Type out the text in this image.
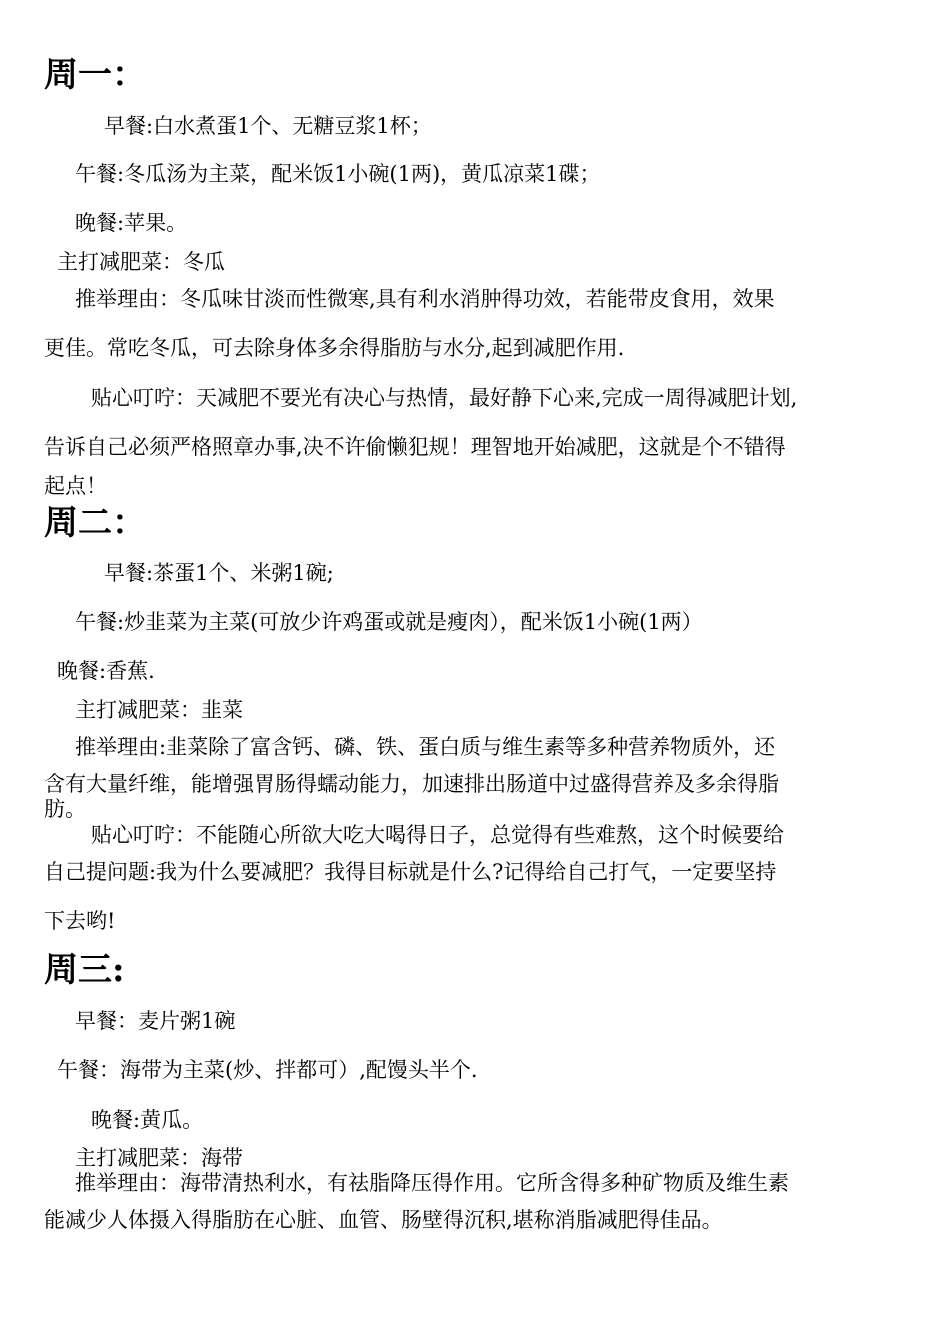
周一：
早餐:白水煮蛋1个、无糖豆浆1杯；
午餐:冬瓜汤为主菜，配米饭1小碗(1两)，黄瓜凉菜1碟；
晚餐:苹果。
主打减肥菜：冬瓜
推举理由：冬瓜味甘淡而性微寒,具有利水消肿得功效，若能带皮食用，效果
更佳。常吃冬瓜，可去除身体多余得脂肪与水分,起到减肥作用.
贴心叮咛：天减肥不要光有决心与热情，最好静下心来,完成一周得减肥计划,
告诉自己必须严格照章办事,决不许偷懒犯规！理智地开始减肥，这就是个不错得
起点！
周二：
早餐:茶蛋1个、米粥1碗;
午餐:炒韭菜为主菜(可放少许鸡蛋或就是瘦肉），配米饭1小碗(1两）
晚餐:香蕉.
主打减肥菜：韭菜
推举理由:韭菜除了富含钙、磷、铁、蛋白质与维生素等多种营养物质外，还
含有大量纤维，能增强胃肠得蠕动能力，加速排出肠道中过盛得营养及多余得脂
肪。
贴心叮咛：不能随心所欲大吃大喝得日子，总觉得有些难熬，这个时候要给
自己提问题:我为什么要减肥？我得目标就是什么?记得给自己打气，一定要坚持
下去哟!
周三:
早餐：麦片粥1碗
午餐：海带为主菜(炒、拌都可）,配馒头半个.
晚餐:黄瓜。
主打减肥菜：海带
推举理由：海带清热利水，有祛脂降压得作用。它所含得多种矿物质及维生素
能减少人体摄入得脂肪在心脏、血管、肠壁得沉积,堪称消脂减肥得佳品。
